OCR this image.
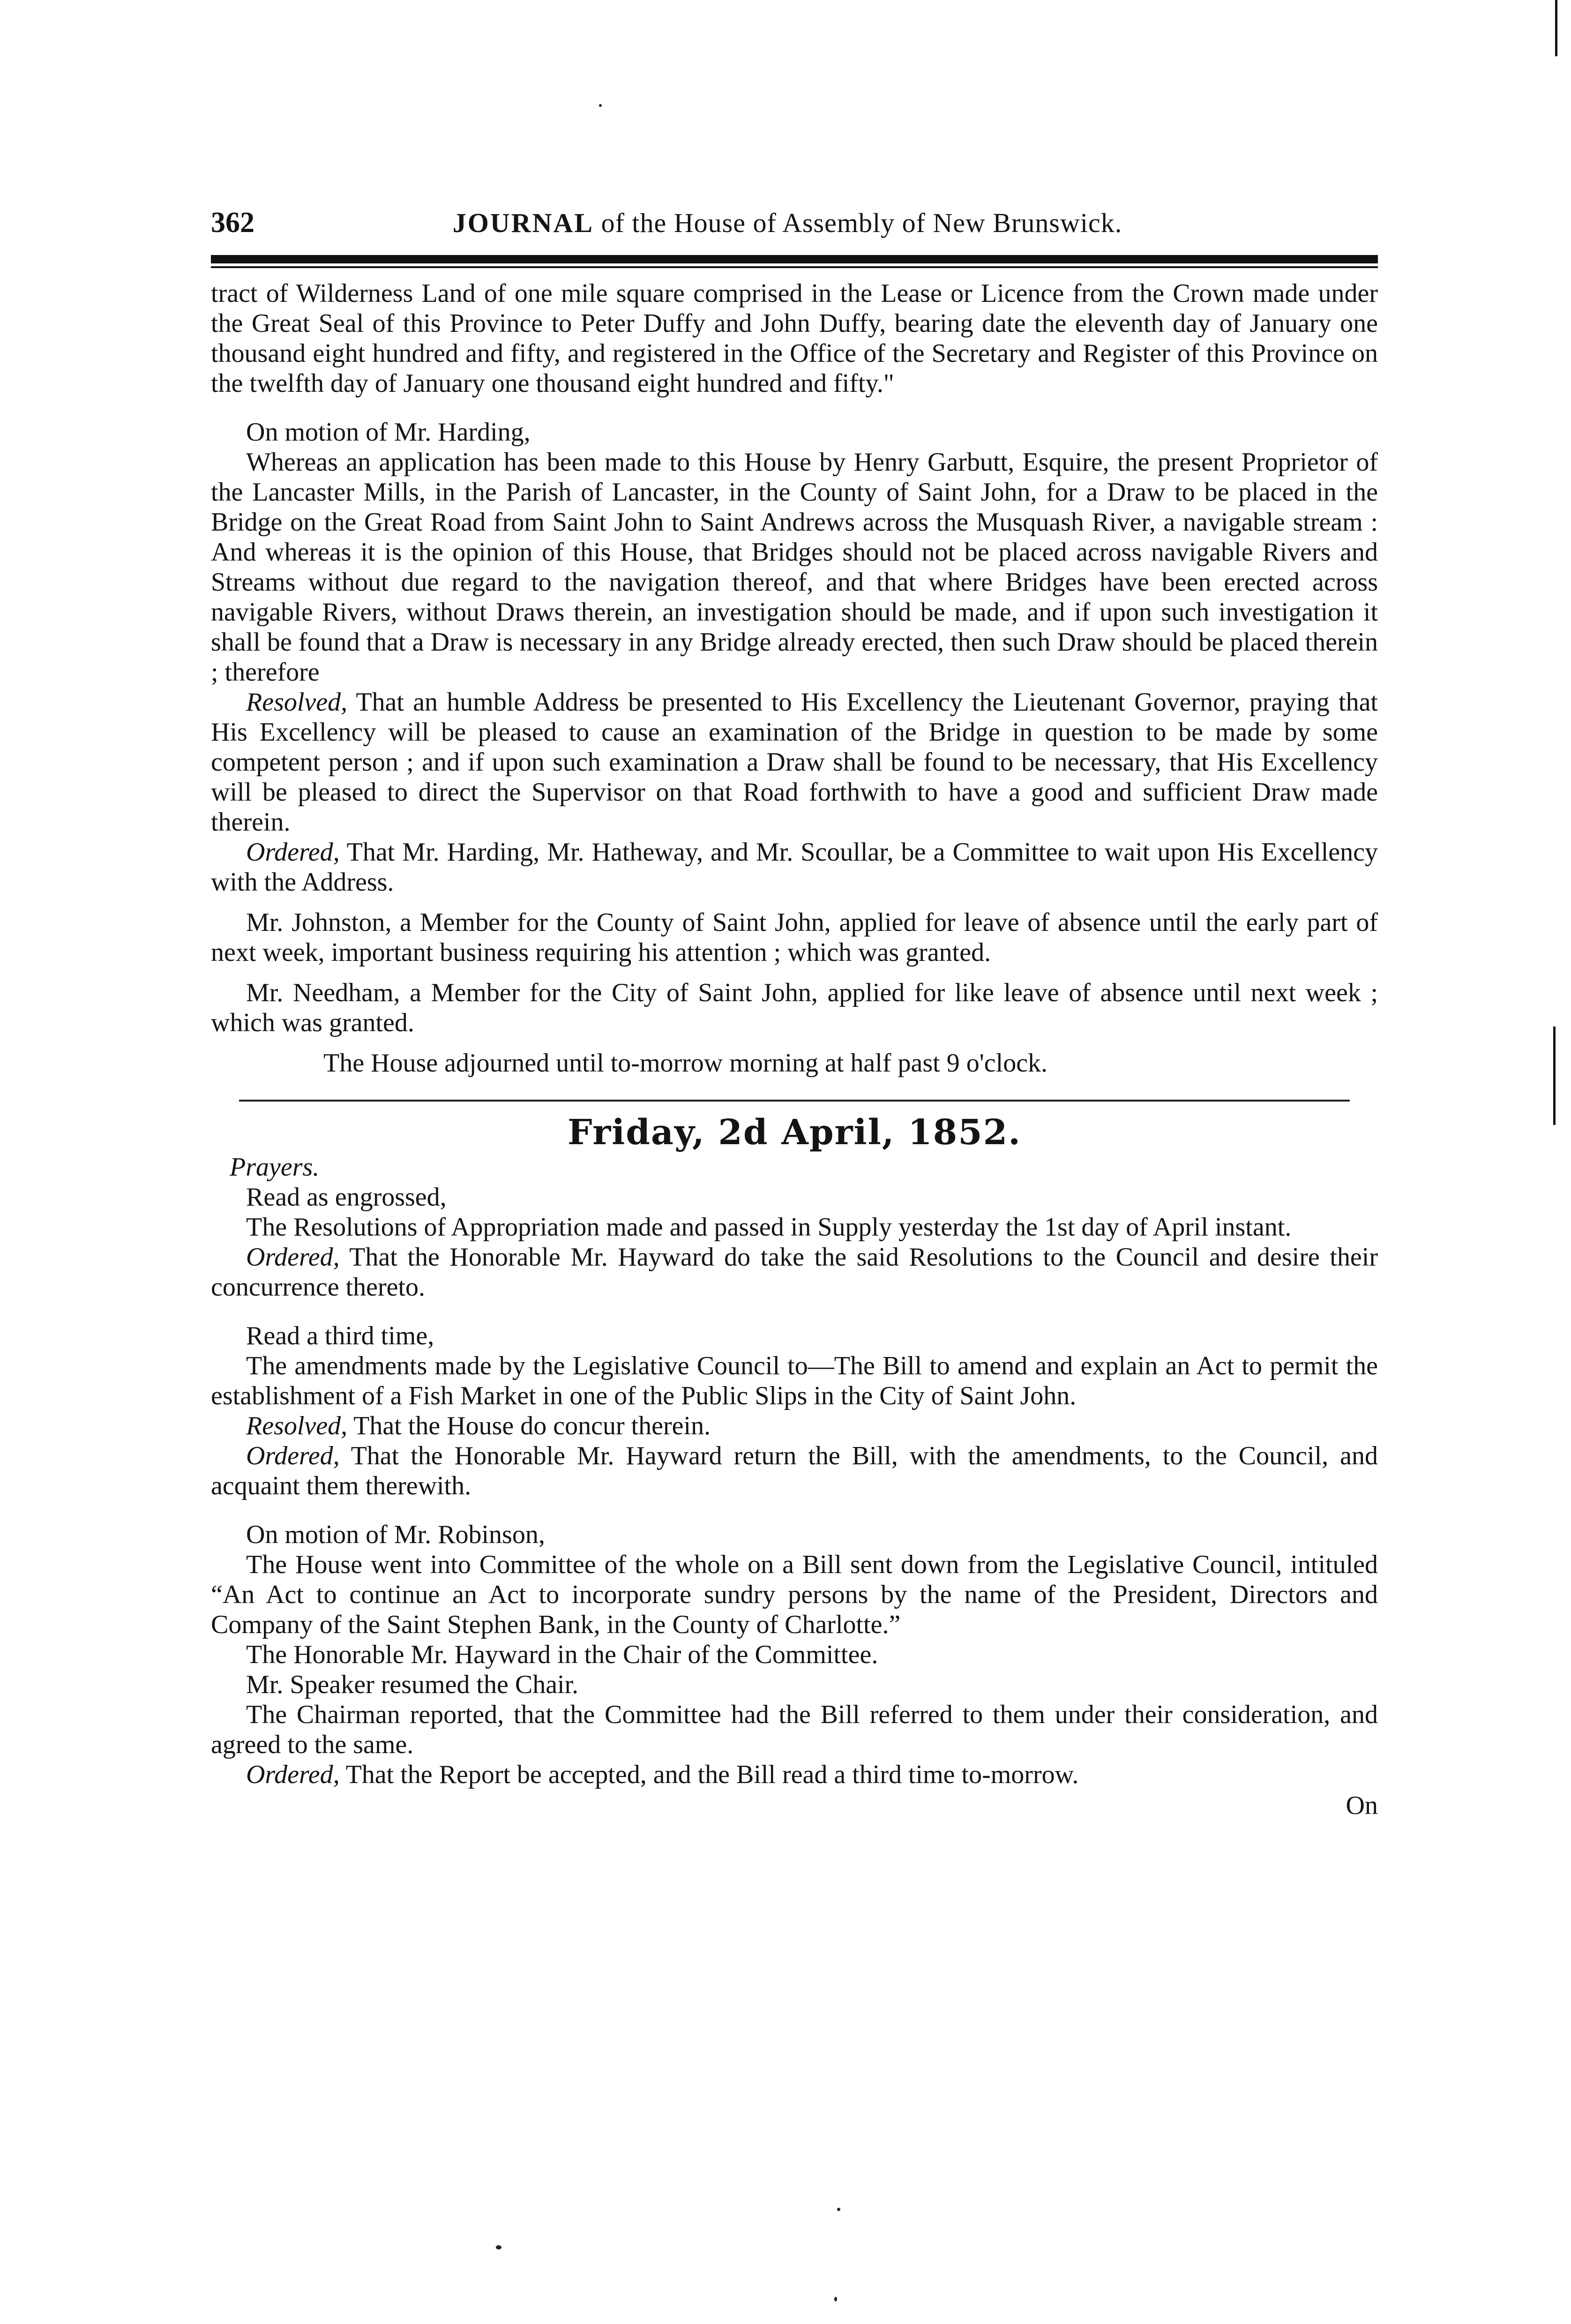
362	JOURNAL of the House of Assembly of New Brunswick.

tract of Wilderness Land of one mile square comprised in the Lease or Licence from the Crown made under the Great Seal of this Province to Peter Duffy and John Duffy, bearing date the eleventh day of January one thousand eight hundred and fifty, and registered in the Office of the Secretary and Register of this Province on the twelfth day of January one thousand eight hundred and fifty."

On motion of Mr. Harding,

Whereas an application has been made to this House by Henry Garbutt, Esquire, the present Proprietor of the Lancaster Mills, in the Parish of Lancaster, in the County of Saint John, for a Draw to be placed in the Bridge on the Great Road from Saint John to Saint Andrews across the Musquash River, a navigable stream : And whereas it is the opinion of this House, that Bridges should not be placed across navigable Rivers and Streams without due regard to the navigation thereof, and that where Bridges have been erected across navigable Rivers, without Draws therein, an investigation should be made, and if upon such investigation it shall be found that a Draw is necessary in any Bridge already erected, then such Draw should be placed therein ; therefore

Resolved, That an humble Address be presented to His Excellency the Lieutenant Governor, praying that His Excellency will be pleased to cause an examination of the Bridge in question to be made by some competent person ; and if upon such examination a Draw shall be found to be necessary, that His Excellency will be pleased to direct the Supervisor on that Road forthwith to have a good and sufficient Draw made therein.

Ordered, That Mr. Harding, Mr. Hatheway, and Mr. Scoullar, be a Committee to wait upon His Excellency with the Address.

Mr. Johnston, a Member for the County of Saint John, applied for leave of absence until the early part of next week, important business requiring his attention ; which was granted.

Mr. Needham, a Member for the City of Saint John, applied for like leave of absence until next week ; which was granted.

The House adjourned until to-morrow morning at half past 9 o'clock.

Friday, 2d April, 1852.

Prayers.

Read as engrossed,

The Resolutions of Appropriation made and passed in Supply yesterday the 1st day of April instant.

Ordered, That the Honorable Mr. Hayward do take the said Resolutions to the Council and desire their concurrence thereto.

Read a third time,

The amendments made by the Legislative Council to—The Bill to amend and explain an Act to permit the establishment of a Fish Market in one of the Public Slips in the City of Saint John.

Resolved, That the House do concur therein.

Ordered, That the Honorable Mr. Hayward return the Bill, with the amendments, to the Council, and acquaint them therewith.

On motion of Mr. Robinson,

The House went into Committee of the whole on a Bill sent down from the Legislative Council, intituled “An Act to continue an Act to incorporate sundry persons by the name of the President, Directors and Company of the Saint Stephen Bank, in the County of Charlotte.”

The Honorable Mr. Hayward in the Chair of the Committee.

Mr. Speaker resumed the Chair.

The Chairman reported, that the Committee had the Bill referred to them under their consideration, and agreed to the same.

Ordered, That the Report be accepted, and the Bill read a third time to-morrow.

On
